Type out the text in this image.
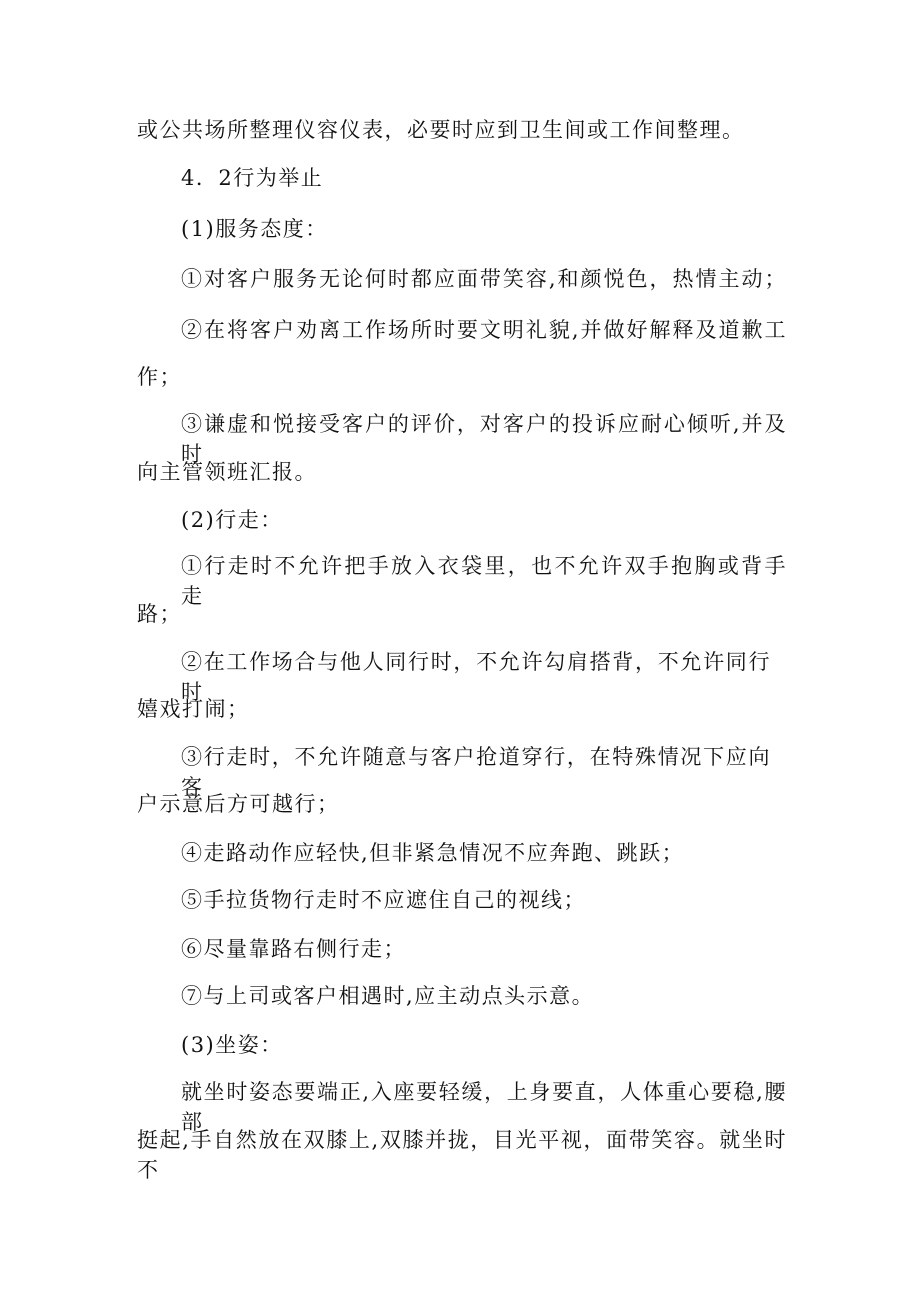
或公共场所整理仪容仪表，必要时应到卫生间或工作间整理。
4．2行为举止
(1)服务态度：
①对客户服务无论何时都应面带笑容,和颜悦色，热情主动；
②在将客户劝离工作场所时要文明礼貌,并做好解释及道歉工
作；
③谦虚和悦接受客户的评价，对客户的投诉应耐心倾听,并及时
向主管领班汇报。
(2)行走：
①行走时不允许把手放入衣袋里，也不允许双手抱胸或背手走
路；
②在工作场合与他人同行时，不允许勾肩搭背，不允许同行时
嬉戏打闹；
③行走时，不允许随意与客户抢道穿行，在特殊情况下应向客
户示意后方可越行；
④走路动作应轻快,但非紧急情况不应奔跑、跳跃；
⑤手拉货物行走时不应遮住自己的视线；
⑥尽量靠路右侧行走；
⑦与上司或客户相遇时,应主动点头示意。
(3)坐姿：
就坐时姿态要端正,入座要轻缓，上身要直，人体重心要稳,腰部
挺起,手自然放在双膝上,双膝并拢，目光平视，面带笑容。就坐时不
